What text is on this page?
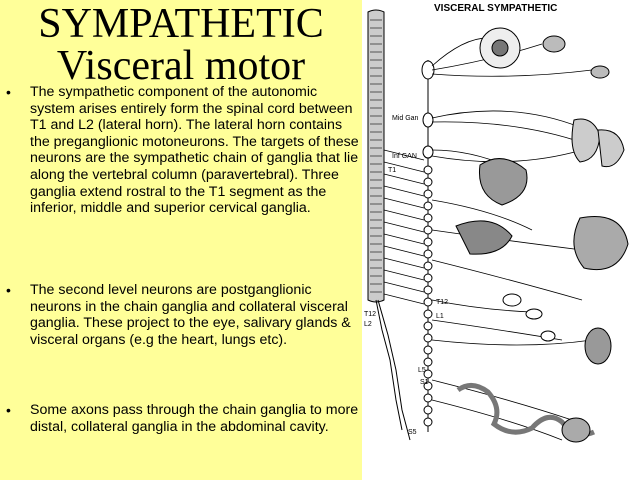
SYMPATHETIC
Visceral motor
• The sympathetic component of the autonomic system arises entirely form the spinal cord between T1 and L2 (lateral horn). The lateral horn contains the preganglionic motoneurons. The targets of these neurons are the sympathetic chain of ganglia that lie along the vertebral column (paravertebral). Three ganglia extend rostral to the T1 segment as the inferior, middle and superior cervical ganglia.
• The second level neurons are postganglionic neurons in the chain ganglia and collateral visceral ganglia. These project to the eye, salivary glands & visceral organs (e.g the heart, lungs etc).
• Some axons pass through the chain ganglia to more distal, collateral ganglia in the abdominal cavity.
VISCERAL SYMPATHETIC
Mid Gan
Inf GAN
T1
T12
T12
L1
L2
L5
S1
S5
